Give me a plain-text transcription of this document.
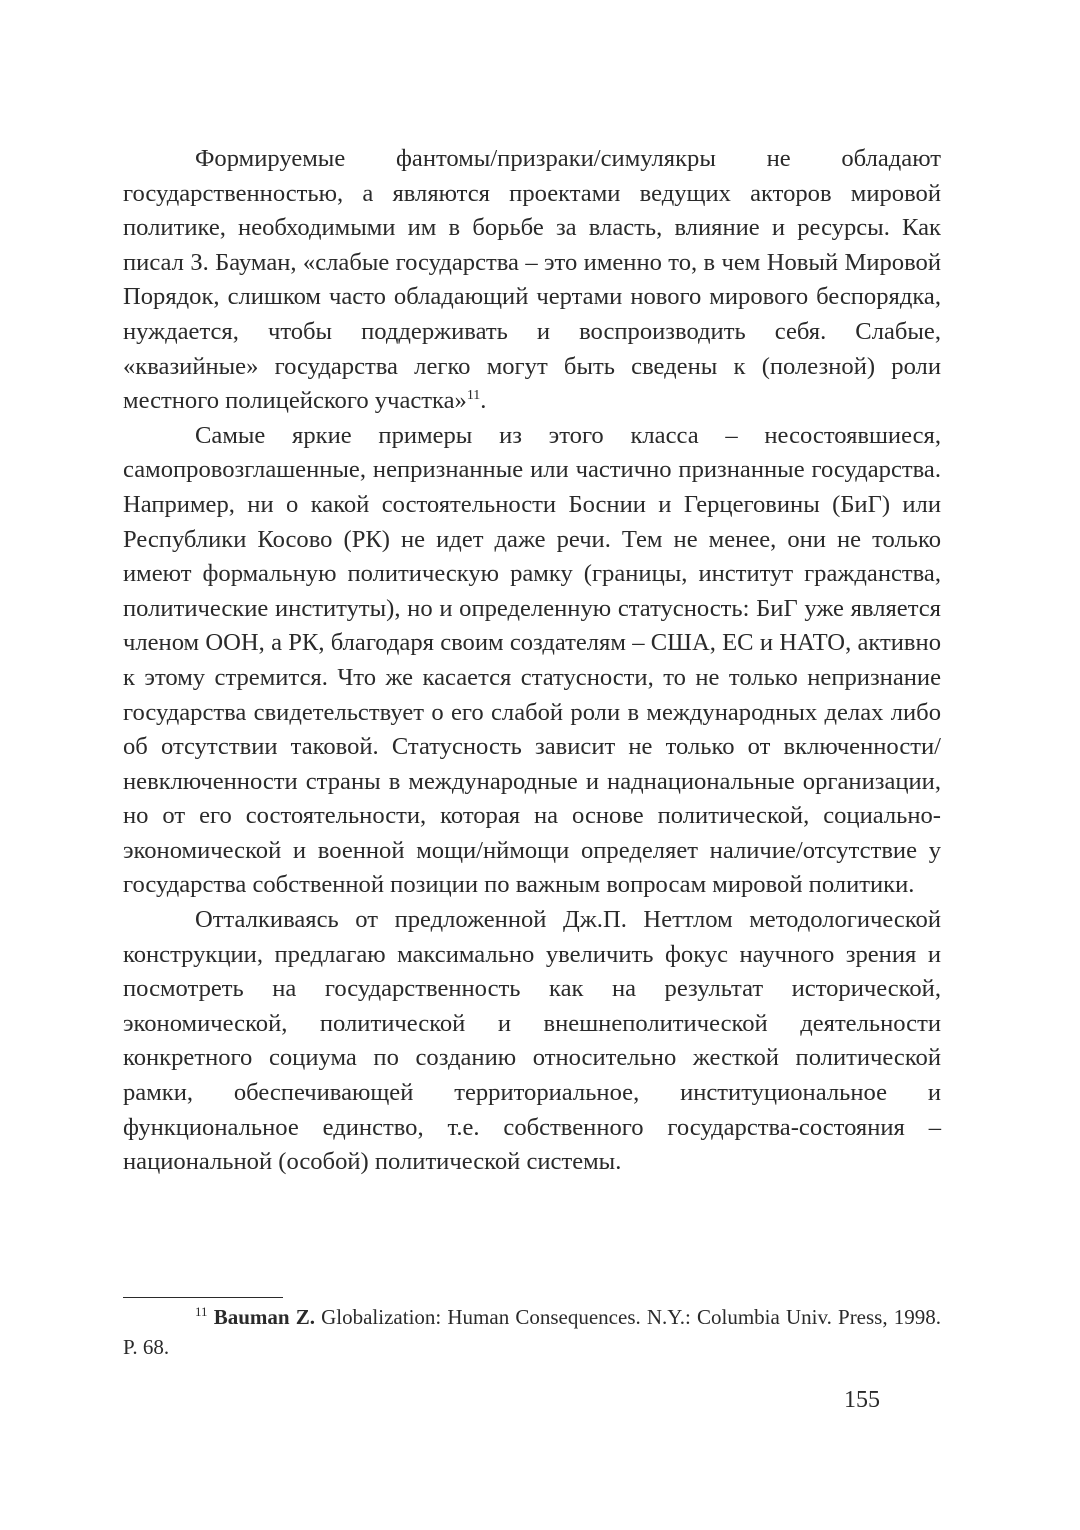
Формируемые фантомы/призраки/симулякры не обладают государственностью, а являются проектами ведущих акторов мировой политике, необходимыми им в борьбе за власть, влияние и ресурсы. Как писал З. Бауман, «слабые государства – это именно то, в чем Новый Мировой Порядок, слишком часто обладающий чертами нового мирового беспорядка, нуждается, чтобы поддерживать и воспроизводить себя. Слабые, «квазийные» государства легко могут быть сведены к (полезной) роли местного полицейского участка»$^{11}$.

Самые яркие примеры из этого класса – несостоявшиеся, самопровозглашенные, непризнанные или частично признанные государства. Например, ни о какой состоятельности Боснии и Герцеговины (БиГ) или Республики Косово (РК) не идет даже речи. Тем не менее, они не только имеют формальную политическую рамку (границы, институт гражданства, политические институты), но и определенную статусность: БиГ уже является членом ООН, а РК, благодаря своим создателям – США, ЕС и НАТО, активно к этому стремится. Что же касается статусности, то не только непризнание государства свидетельствует о его слабой роли в международных делах либо об отсутствии таковой. Статусность зависит не только от включенности/невключенности страны в международные и наднациональные организации, но от его состоятельности, которая на основе политической, социально-экономической и военной мощи/нймощи определяет наличие/отсутствие у государства собственной позиции по важным вопросам мировой политики.

Отталкиваясь от предложенной Дж.П. Неттлом методологической конструкции, предлагаю максимально увеличить фокус научного зрения и посмотреть на государственность как на результат исторической, экономической, политической и внешнеполитической деятельности конкретного социума по созданию относительно жесткой политической рамки, обеспечивающей территориальное, институциональное и функциональное единство, т.е. собственного государства-состояния – национальной (особой) политической системы.

$^{11}$ Bauman Z. Globalization: Human Consequences. N.Y.: Columbia Univ. Press, 1998. P. 68.

155
